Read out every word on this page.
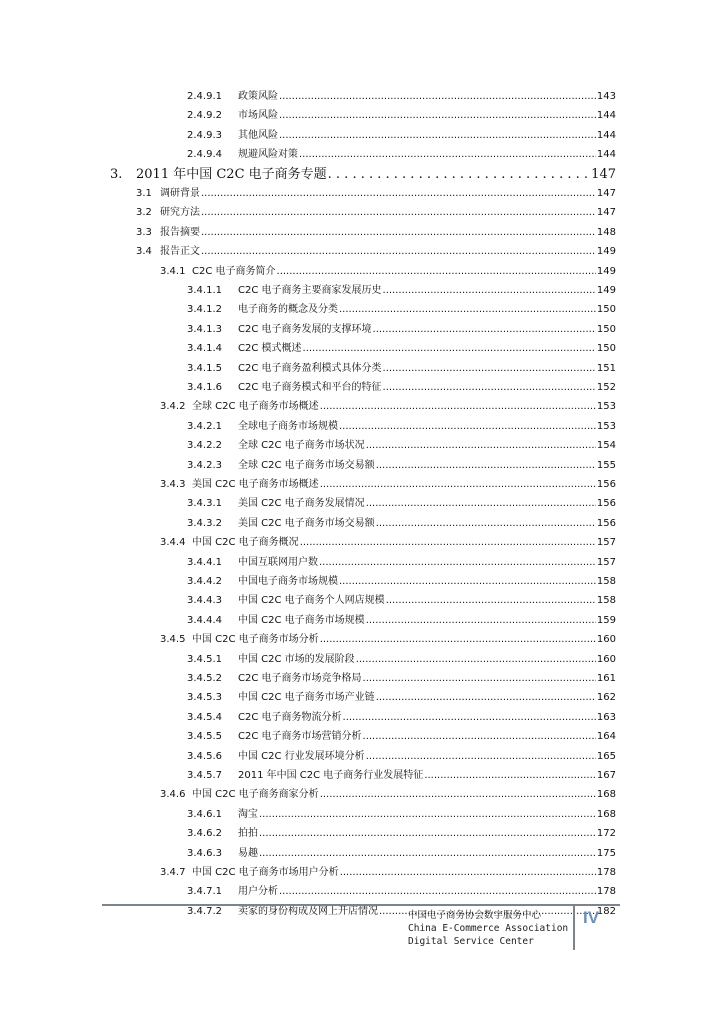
2.4.9.1	政策风险 .....	143
2.4.9.2	市场风险 .....	144
2.4.9.3	其他风险 .....	144
2.4.9.4	规避风险对策 .....	144
3.	2011 年中国 C2C 电子商务专题 . . .	147
3.1 调研背景 .....	147
3.2 研究方法 .....	147
3.3 报告摘要 .....	148
3.4 报告正文 .....	149
3.4.1 C2C 电子商务简介 .....	149
3.4.1.1	C2C 电子商务主要商家发展历史 .....	149
3.4.1.2	电子商务的概念及分类 .....	150
3.4.1.3	C2C 电子商务发展的支撑环境 .....	150
3.4.1.4	C2C 模式概述 .....	150
3.4.1.5	C2C 电子商务盈利模式具体分类 .....	151
3.4.1.6	C2C 电子商务模式和平台的特征 .....	152
3.4.2 全球 C2C 电子商务市场概述 .....	153
3.4.2.1	全球电子商务市场规模 .....	153
3.4.2.2	全球 C2C 电子商务市场状况 .....	154
3.4.2.3	全球 C2C 电子商务市场交易额 .....	155
3.4.3 美国 C2C 电子商务市场概述 .....	156
3.4.3.1	美国 C2C 电子商务发展情况 .....	156
3.4.3.2	美国 C2C 电子商务市场交易额 .....	156
3.4.4 中国 C2C 电子商务概况 .....	157
3.4.4.1	中国互联网用户数 .....	157
3.4.4.2	中国电子商务市场规模 .....	158
3.4.4.3	中国 C2C 电子商务个人网店规模 .....	158
3.4.4.4	中国 C2C 电子商务市场规模 .....	159
3.4.5 中国 C2C 电子商务市场分析 .....	160
3.4.5.1	中国 C2C 市场的发展阶段 .....	160
3.4.5.2	C2C 电子商务市场竞争格局 .....	161
3.4.5.3	中国 C2C 电子商务市场产业链 .....	162
3.4.5.4	C2C 电子商务物流分析 .....	163
3.4.5.5	C2C 电子商务市场营销分析 .....	164
3.4.5.6	中国 C2C 行业发展环境分析 .....	165
3.4.5.7	2011 年中国 C2C 电子商务行业发展特征 .....	167
3.4.6 中国 C2C 电子商务商家分析 .....	168
3.4.6.1	淘宝 .....	168
3.4.6.2	拍拍 .....	172
3.4.6.3	易趣 .....	175
3.4.7 中国 C2C 电子商务市场用户分析 .....	178
3.4.7.1	用户分析 .....	178
3.4.7.2	卖家的身份构成及网上开店情况 .....	182
中国电子商务协会数字服务中心
China E-Commerce Association
Digital Service Center
IV
